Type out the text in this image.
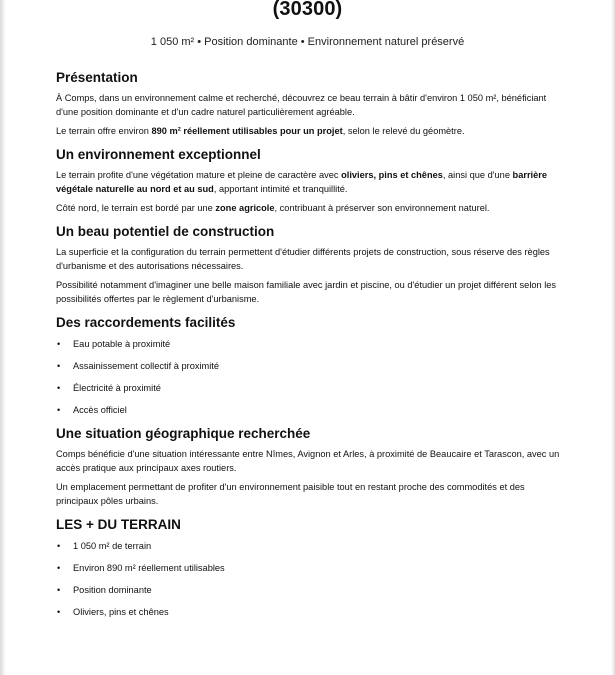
(30300)
1 050 m² • Position dominante • Environnement naturel préservé
Présentation

À Comps, dans un environnement calme et recherché, découvrez ce beau terrain à bâtir d'environ 1 050 m², bénéficiant d'une position dominante et d'un cadre naturel particulièrement agréable.

Le terrain offre environ 890 m² réellement utilisables pour un projet, selon le relevé du géomètre.

Un environnement exceptionnel

Le terrain profite d'une végétation mature et pleine de caractère avec oliviers, pins et chênes, ainsi que d'une barrière végétale naturelle au nord et au sud, apportant intimité et tranquillité.

Côté nord, le terrain est bordé par une zone agricole, contribuant à préserver son environnement naturel.

Un beau potentiel de construction

La superficie et la configuration du terrain permettent d'étudier différents projets de construction, sous réserve des règles d'urbanisme et des autorisations nécessaires.

Possibilité notamment d'imaginer une belle maison familiale avec jardin et piscine, ou d'étudier un projet différent selon les possibilités offertes par le règlement d'urbanisme.

Des raccordements facilités
• Eau potable à proximité
• Assainissement collectif à proximité
• Électricité à proximité
• Accès officiel
Une situation géographique recherchée

Comps bénéficie d'une situation intéressante entre Nîmes, Avignon et Arles, à proximité de Beaucaire et Tarascon, avec un accès pratique aux principaux axes routiers.

Un emplacement permettant de profiter d'un environnement paisible tout en restant proche des commodités et des principaux pôles urbains.

LES + DU TERRAIN
• 1 050 m² de terrain
• Environ 890 m² réellement utilisables
• Position dominante
• Oliviers, pins et chênes
